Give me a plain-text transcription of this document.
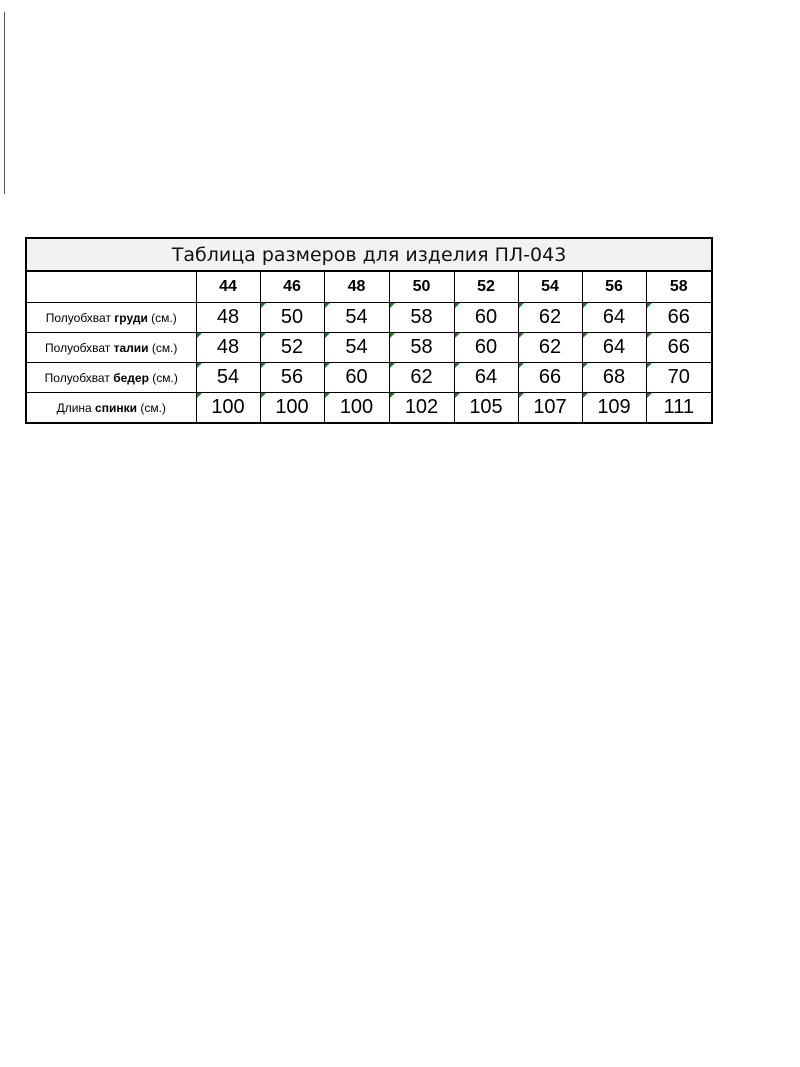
Таблица размеров для изделия ПЛ-043								
	44	46	48	50	52	54	56	58
Полуобхват груди (см.)	48	50	54	58	60	62	64	66
Полуобхват талии (см.)	48	52	54	58	60	62	64	66
Полуобхват бедер (см.)	54	56	60	62	64	66	68	70
Длина спинки (см.)	100	100	100	102	105	107	109	111
